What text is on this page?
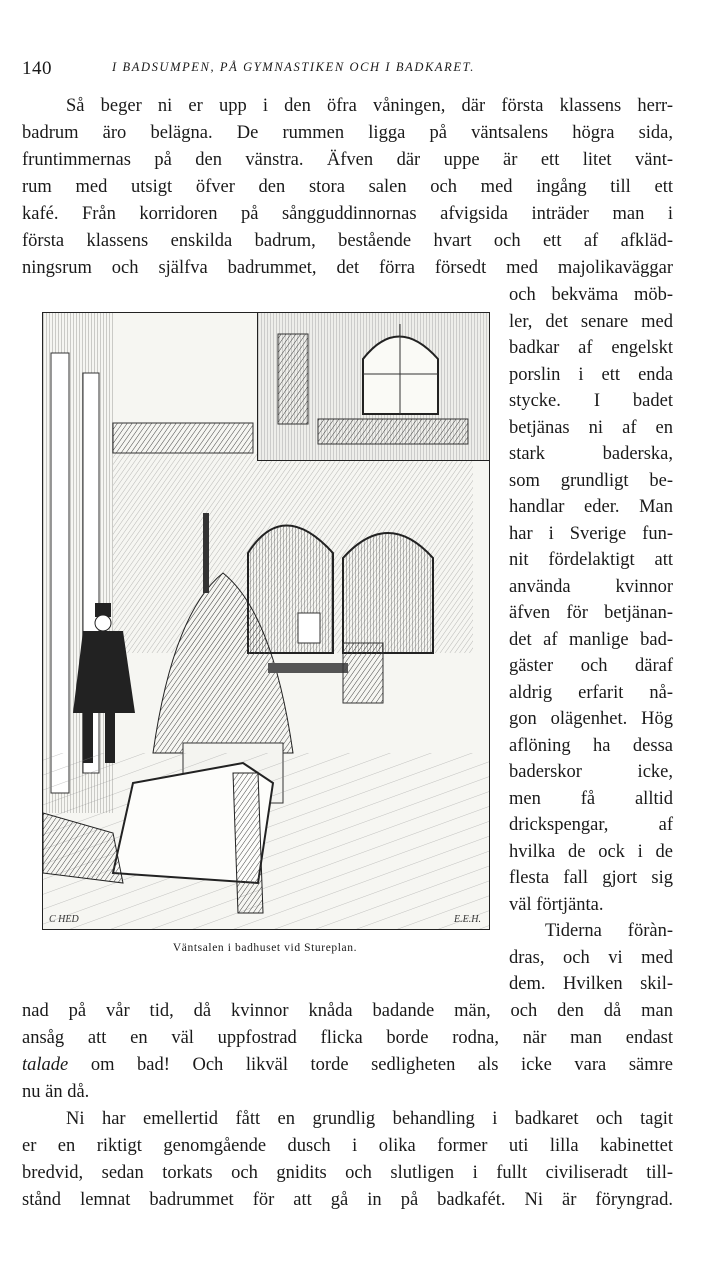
140	I BADSUMPEN, PÅ GYMNASTIKEN OCH I BADKARET.
Så beger ni er upp i den öfra våningen, där första klassens herr-
badrum äro belägna. De rummen ligga på väntsalens högra sida,
fruntimmernas på den vänstra. Äfven där uppe är ett litet vänt-
rum med utsigt öfver den stora salen och med ingång till ett
kafé. Från korridoren på sångguddinnornas afvigsida inträder man i
första klassens enskilda badrum, bestående hvart och ett af afkläd-
ningsrum och själfva badrummet, det förra försedt med majolikaväggar
och bekväma möb-
ler, det senare med
badkar af engelskt
porslin i ett enda
stycke. I badet
betjänas ni af en
stark baderska,
som grundligt be-
handlar eder. Man
har i Sverige fun-
nit fördelaktigt att
använda kvinnor
äfven för betjänan-
det af manlige bad-
gäster och däraf
aldrig erfarit nå-
gon olägenhet. Hög
aflöning ha dessa
baderskor icke,
men få alltid
drickspengar, af
hvilka de ock i de
flesta fall gjort sig
väl förtjänta.
Tiderna föràn-
dras, och vi med
dem. Hvilken skil-
C HED	E.E.H.
Väntsalen i badhuset vid Stureplan.
nad på vår tid, då kvinnor knåda badande män, och den då man
ansåg att en väl uppfostrad flicka borde rodna, när man endast
talade om bad! Och likväl torde sedligheten als icke vara sämre
nu än då.
Ni har emellertid fått en grundlig behandling i badkaret och tagit
er en riktigt genomgående dusch i olika former uti lilla kabinettet
bredvid, sedan torkats och gnidits och slutligen i fullt civiliseradt till-
stånd lemnat badrummet för att gå in på badkafét. Ni är föryngrad.
